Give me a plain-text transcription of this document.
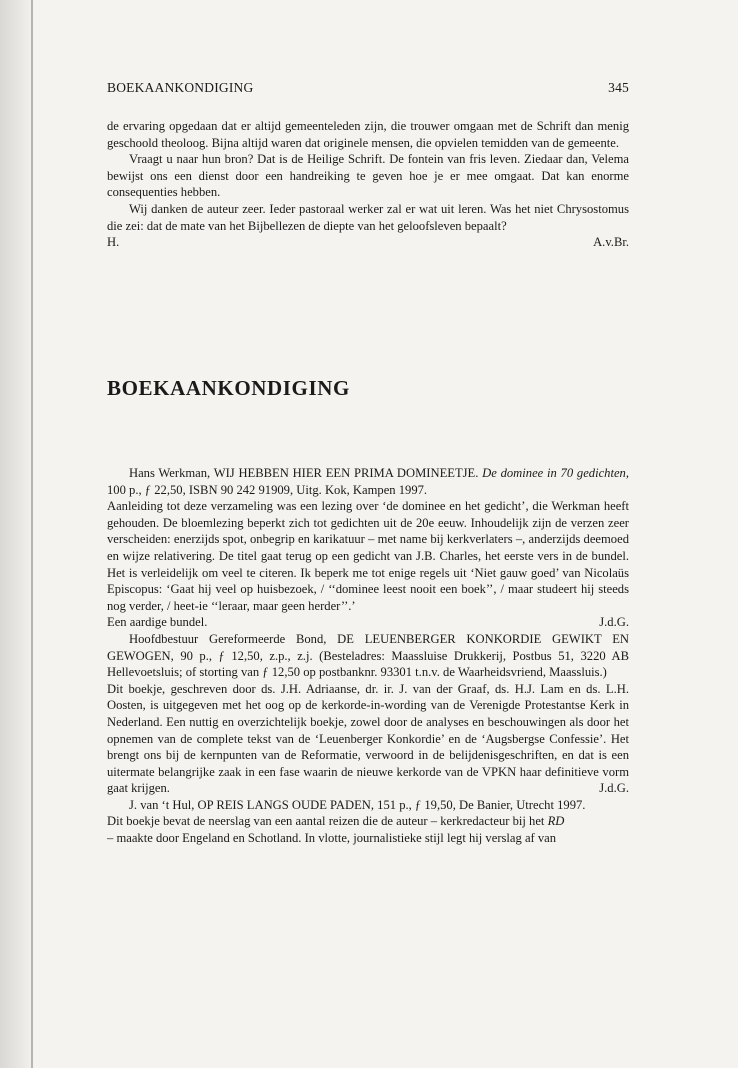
BOEKAANKONDIGING	345

de ervaring opgedaan dat er altijd gemeenteleden zijn, die trouwer omgaan met de Schrift dan menig geschoold theoloog. Bijna altijd waren dat originele mensen, die opvielen temidden van de gemeente.

Vraagt u naar hun bron? Dat is de Heilige Schrift. De fontein van fris leven. Ziedaar dan, Velema bewijst ons een dienst door een handreiking te geven hoe je er mee omgaat. Dat kan enorme consequenties hebben.

Wij danken de auteur zeer. Ieder pastoraal werker zal er wat uit leren. Was het niet Chrysostomus die zei: dat de mate van het Bijbellezen de diepte van het geloofsleven bepaalt?

H.	A.v.Br.
BOEKAANKONDIGING

Hans Werkman, WIJ HEBBEN HIER EEN PRIMA DOMINEETJE. De dominee in 70 gedichten, 100 p., ƒ 22,50, ISBN 90 242 91909, Uitg. Kok, Kampen 1997.

Aanleiding tot deze verzameling was een lezing over ‘de dominee en het gedicht’, die Werkman heeft gehouden. De bloemlezing beperkt zich tot gedichten uit de 20e eeuw. Inhoudelijk zijn de verzen zeer verscheiden: enerzijds spot, onbegrip en karikatuur – met name bij kerkverlaters –, anderzijds deemoed en wijze relativering. De titel gaat terug op een gedicht van J.B. Charles, het eerste vers in de bundel. Het is verleidelijk om veel te citeren. Ik beperk me tot enige regels uit ‘Niet gauw goed’ van Nicolaüs Episcopus: ‘Gaat hij veel op huisbezoek, / ‘‘dominee leest nooit een boek’’, / maar studeert hij steeds nog verder, / heet-ie ‘‘leraar, maar geen herder’’.’

J.d.G.
Een aardige bundel.

Hoofdbestuur Gereformeerde Bond, DE LEUENBERGER KONKORDIE GEWIKT EN GEWOGEN, 90 p., ƒ 12,50, z.p., z.j. (Besteladres: Maassluise Drukkerij, Postbus 51, 3220 AB Hellevoetsluis; of storting van ƒ 12,50 op postbanknr. 93301 t.n.v. de Waarheidsvriend, Maassluis.)

Dit boekje, geschreven door ds. J.H. Adriaanse, dr. ir. J. van der Graaf, ds. H.J. Lam en ds. L.H. Oosten, is uitgegeven met het oog op de kerkorde-in-wording van de Verenigde Protestantse Kerk in Nederland. Een nuttig en overzichtelijk boekje, zowel door de analyses en beschouwingen als door het opnemen van de complete tekst van de ‘Leuenberger Konkordie’ en de ‘Augsbergse Confessie’. Het brengt ons bij de kernpunten van de Reformatie, verwoord in de belijdenisgeschriften, en dat is een uitermate belangrijke zaak in een fase waarin de nieuwe kerkorde van de VPKN haar definitieve vorm gaat krijgen.	J.d.G.

J. van ‘t Hul, OP REIS LANGS OUDE PADEN, 151 p., ƒ 19,50, De Banier, Utrecht 1997.

Dit boekje bevat de neerslag van een aantal reizen die de auteur – kerkredacteur bij het RD
– maakte door Engeland en Schotland. In vlotte, journalistieke stijl legt hij verslag af van
